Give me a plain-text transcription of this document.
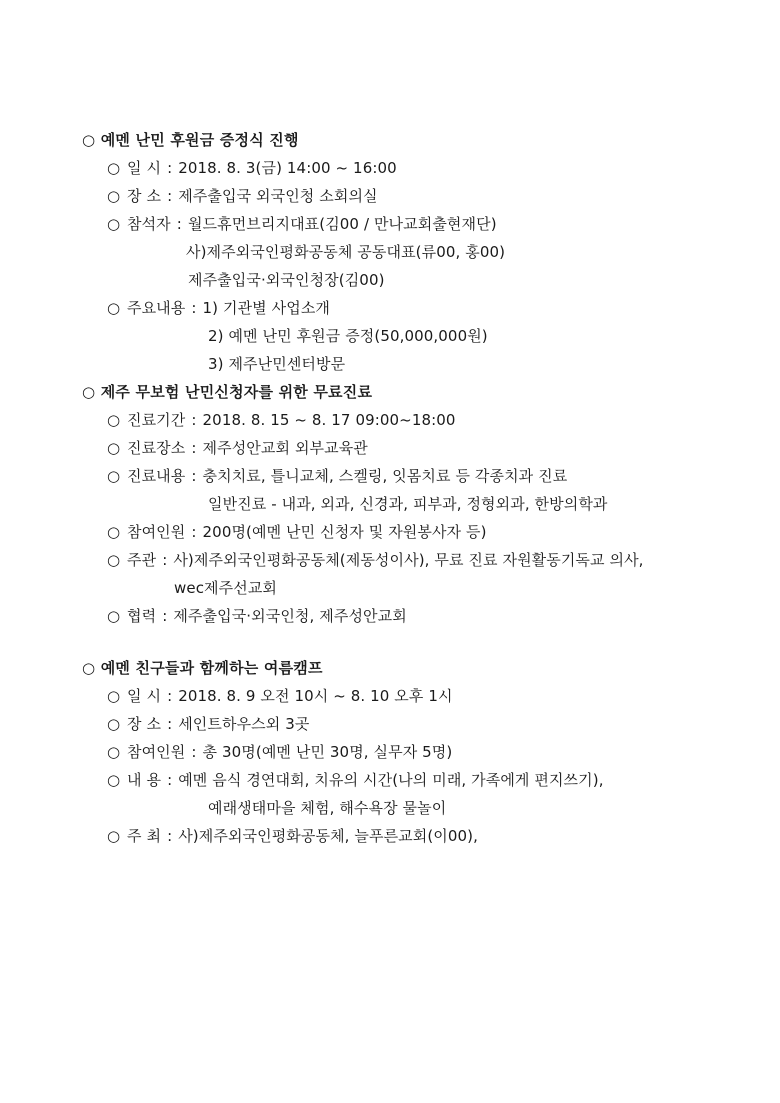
○ 예멘 난민 후원금 증정식 진행
○ 일 시 : 2018. 8. 3(금) 14:00 ~ 16:00
○ 장 소 : 제주출입국 외국인청 소회의실
○ 참석자 : 월드휴먼브리지대표(김00 / 만나교회출현재단)
사)제주외국인평화공동체 공동대표(류00, 홍00)
제주출입국·외국인청장(김00)
○ 주요내용 : 1) 기관별 사업소개
2) 예멘 난민 후원금 증정(50,000,000원)
3) 제주난민센터방문
○ 제주 무보험 난민신청자를 위한 무료진료
○ 진료기간 : 2018. 8. 15 ~ 8. 17 09:00~18:00
○ 진료장소 : 제주성안교회 외부교육관
○ 진료내용 : 충치치료, 틀니교체, 스켈링, 잇몸치료 등 각종치과 진료
일반진료 - 내과, 외과, 신경과, 피부과, 정형외과, 한방의학과
○ 참여인원 : 200명(예멘 난민 신청자 및 자원봉사자 등)
○ 주관 : 사)제주외국인평화공동체(제동성이사), 무료 진료 자원활동기독교 의사,
wec제주선교회
○ 협력 : 제주출입국·외국인청, 제주성안교회
○ 예멘 친구들과 함께하는 여름캠프
○ 일 시 : 2018. 8. 9 오전 10시 ~ 8. 10 오후 1시
○ 장 소 : 세인트하우스외 3곳
○ 참여인원 : 총 30명(예멘 난민 30명, 실무자 5명)
○ 내 용 : 예멘 음식 경연대회, 치유의 시간(나의 미래, 가족에게 편지쓰기),
예래생태마을 체험, 해수욕장 물놀이
○ 주 최 : 사)제주외국인평화공동체, 늘푸른교회(이00),
